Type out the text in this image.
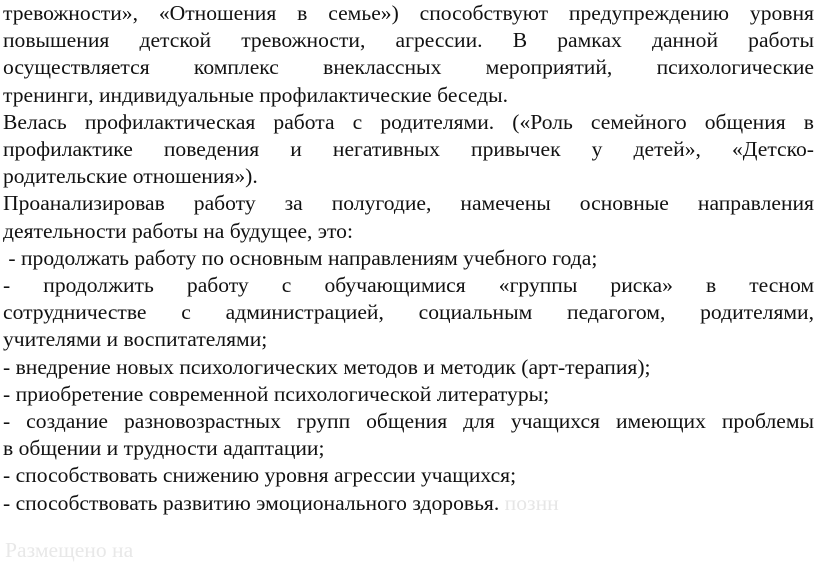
тревожности», «Отношения в семье») способствуют предупреждению уровня
повышения детской тревожности, агрессии. В рамках данной работы
осуществляется комплекс внеклассных мероприятий, психологические
тренинги, индивидуальные профилактические беседы.

Велась профилактическая работа с родителями. («Роль семейного общения в
профилактике поведения и негативных привычек у детей», «Детско-
родительские отношения»).

Проанализировав работу за полугодие, намечены основные направления
деятельности работы на будущее, это:

- продолжать работу по основным направлениям учебного года;
- продолжить работу с обучающимися «группы риска» в тесном
сотрудничестве с администрацией, социальным педагогом, родителями,
учителями и воспитателями;
- внедрение новых психологических методов и методик (арт-терапия);
- приобретение современной психологической литературы;
- создание разновозрастных групп общения для учащихся имеющих проблемы
в общении и трудности адаптации;
- способствовать снижению уровня агрессии учащихся;
- способствовать развитию эмоционального здоровья. познн
Размещено на
